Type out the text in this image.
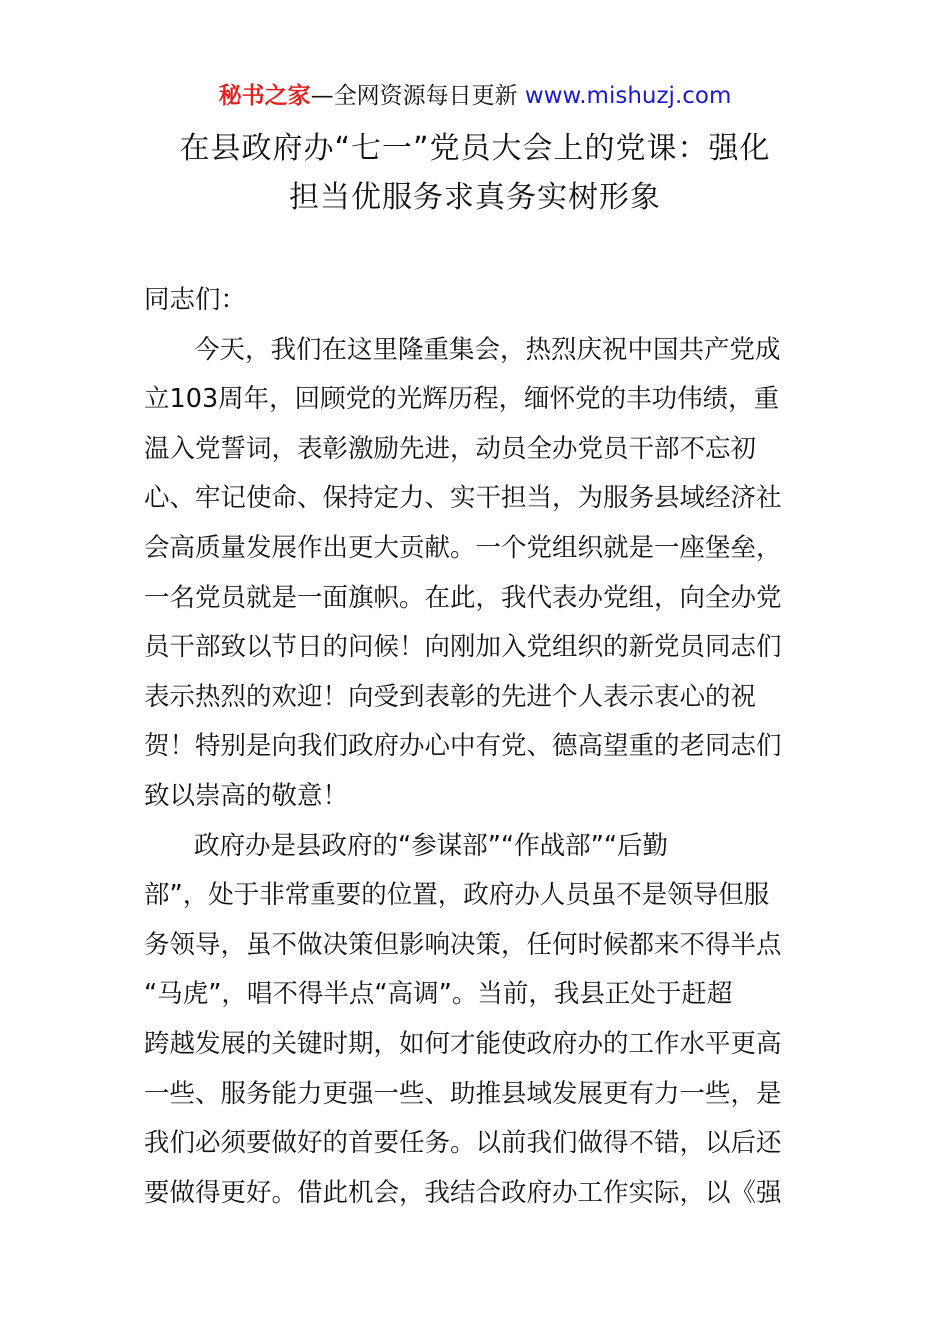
秘书之家—全网资源每日更新 www.mishuzj.com
在县政府办“七一”党员大会上的党课：强化
担当优服务求真务实树形象
同志们：
今天，我们在这里隆重集会，热烈庆祝中国共产党成
立103周年，回顾党的光辉历程，缅怀党的丰功伟绩，重
温入党誓词，表彰激励先进，动员全办党员干部不忘初
心、牢记使命、保持定力、实干担当，为服务县域经济社
会高质量发展作出更大贡献。一个党组织就是一座堡垒，
一名党员就是一面旗帜。在此，我代表办党组，向全办党
员干部致以节日的问候！向刚加入党组织的新党员同志们
表示热烈的欢迎！向受到表彰的先进个人表示衷心的祝
贺！特别是向我们政府办心中有党、德高望重的老同志们
致以崇高的敬意！
政府办是县政府的“参谋部”“作战部”“后勤
部”，处于非常重要的位置，政府办人员虽不是领导但服
务领导，虽不做决策但影响决策，任何时候都来不得半点
“马虎”，唱不得半点“高调”。当前，我县正处于赶超
跨越发展的关键时期，如何才能使政府办的工作水平更高
一些、服务能力更强一些、助推县域发展更有力一些，是
我们必须要做好的首要任务。以前我们做得不错，以后还
要做得更好。借此机会，我结合政府办工作实际，以《强
